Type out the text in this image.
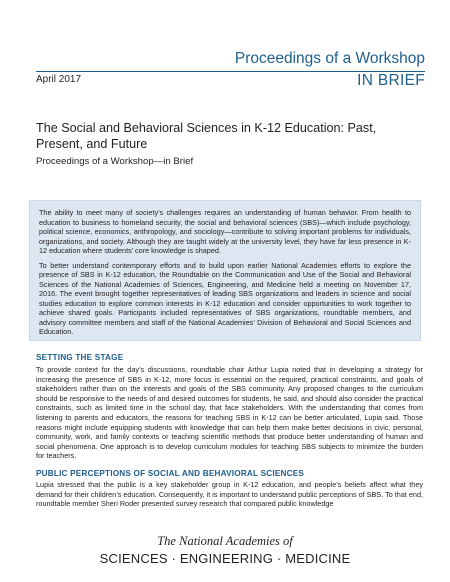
Proceedings of a Workshop
April 2017	IN BRIEF
The Social and Behavioral Sciences in K-12 Education: Past, Present, and Future
Proceedings of a Workshop—in Brief

The ability to meet many of society’s challenges requires an understanding of human behavior. From health to education to business to homeland security, the social and behavioral sciences (SBS)—which include psychology, political science, economics, anthropology, and sociology—contribute to solving important problems for individuals, organizations, and society. Although they are taught widely at the university level, they have far less presence in K-12 education where students’ core knowledge is shaped.

To better understand contemporary efforts and to build upon earlier National Academies efforts to explore the presence of SBS in K-12 education, the Roundtable on the Communication and Use of the Social and Behavioral Sciences of the National Academies of Sciences, Engineering, and Medicine held a meeting on November 17, 2016. The event brought together representatives of leading SBS organizations and leaders in science and social studies education to explore common interests in K-12 education and consider opportunities to work together to achieve shared goals. Participants included representatives of SBS organizations, roundtable members, and advisory committee members and staff of the National Academies’ Division of Behavioral and Social Sciences and Education.

SETTING THE STAGE

To provide context for the day’s discussions, roundtable chair Arthur Lupia noted that in developing a strategy for increasing the presence of SBS in K-12, more focus is essential on the required, practical constraints, and goals of stakeholders rather than on the interests and goals of the SBS community. Any proposed changes to the curriculum should be responsive to the needs of and desired outcomes for students, he said, and should also consider the practical constraints, such as limited time in the school day, that face stakeholders. With the understanding that comes from listening to parents and educators, the reasons for teaching SBS in K-12 can be better articulated, Lupia said. Those reasons might include equipping students with knowledge that can help them make better decisions in civic, personal, community, work, and family contexts or teaching scientific methods that produce better understanding of human and social phenomena. One approach is to develop curriculum modules for teaching SBS subjects to minimize the burden for teachers.

PUBLIC PERCEPTIONS OF SOCIAL AND BEHAVIORAL SCIENCES

Lupia stressed that the public is a key stakeholder group in K-12 education, and people’s beliefs affect what they demand for their children’s education. Consequently, it is important to understand public perceptions of SBS. To that end, roundtable member Sheri Roder presented survey research that compared public knowledge

The National Academies of
SCIENCES · ENGINEERING · MEDICINE
